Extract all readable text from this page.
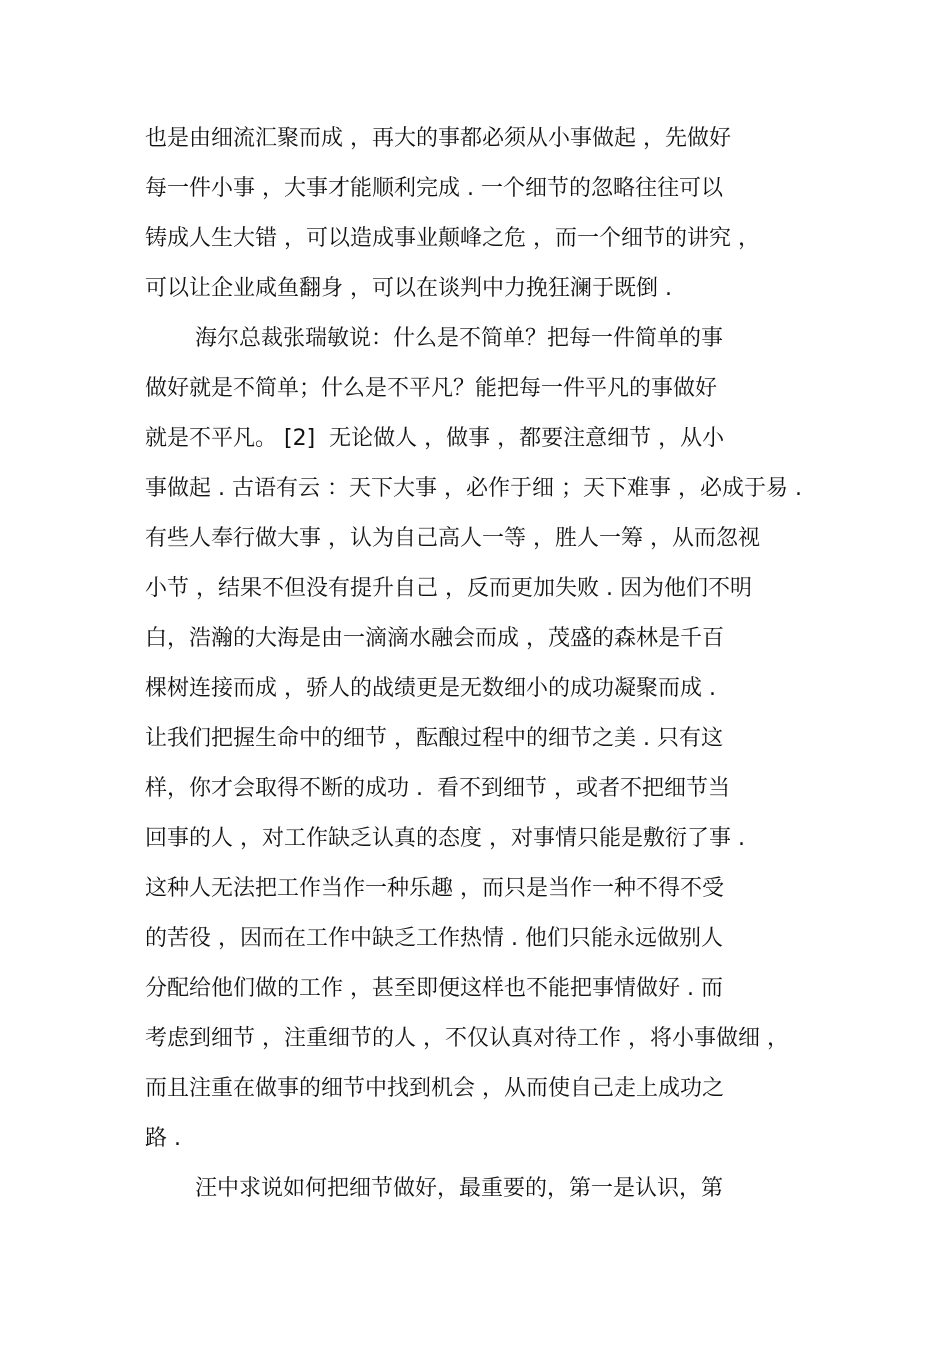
也是由细流汇聚而成 ，再大的事都必须从小事做起 ，先做好
每一件小事 ，大事才能顺利完成 . 一个细节的忽略往往可以
铸成人生大错 ，可以造成事业颠峰之危 ，而一个细节的讲究 ，
可以让企业咸鱼翻身 ，可以在谈判中力挽狂澜于既倒 .
海尔总裁张瑞敏说：什么是不简单？把每一件简单的事
做好就是不简单；什么是不平凡？能把每一件平凡的事做好
就是不平凡。 [2]  无论做人 ，做事 ，都要注意细节 ，从小
事做起 . 古语有云 ：天下大事 ，必作于细 ；天下难事 ，必成于易 .
有些人奉行做大事 ，认为自己高人一等 ，胜人一筹 ，从而忽视
小节 ，结果不但没有提升自己 ，反而更加失败 . 因为他们不明
白，浩瀚的大海是由一滴滴水融会而成 ，茂盛的森林是千百
棵树连接而成 ，骄人的战绩更是无数细小的成功凝聚而成 .
让我们把握生命中的细节 ，酝酿过程中的细节之美 . 只有这
样，你才会取得不断的成功 .  看不到细节 ，或者不把细节当
回事的人 ，对工作缺乏认真的态度 ，对事情只能是敷衍了事 .
这种人无法把工作当作一种乐趣 ，而只是当作一种不得不受
的苦役 ，因而在工作中缺乏工作热情 . 他们只能永远做别人
分配给他们做的工作 ，甚至即便这样也不能把事情做好 . 而
考虑到细节 ，注重细节的人 ，不仅认真对待工作 ，将小事做细 ，
而且注重在做事的细节中找到机会 ，从而使自己走上成功之
路 .
汪中求说如何把细节做好，最重要的，第一是认识，第
